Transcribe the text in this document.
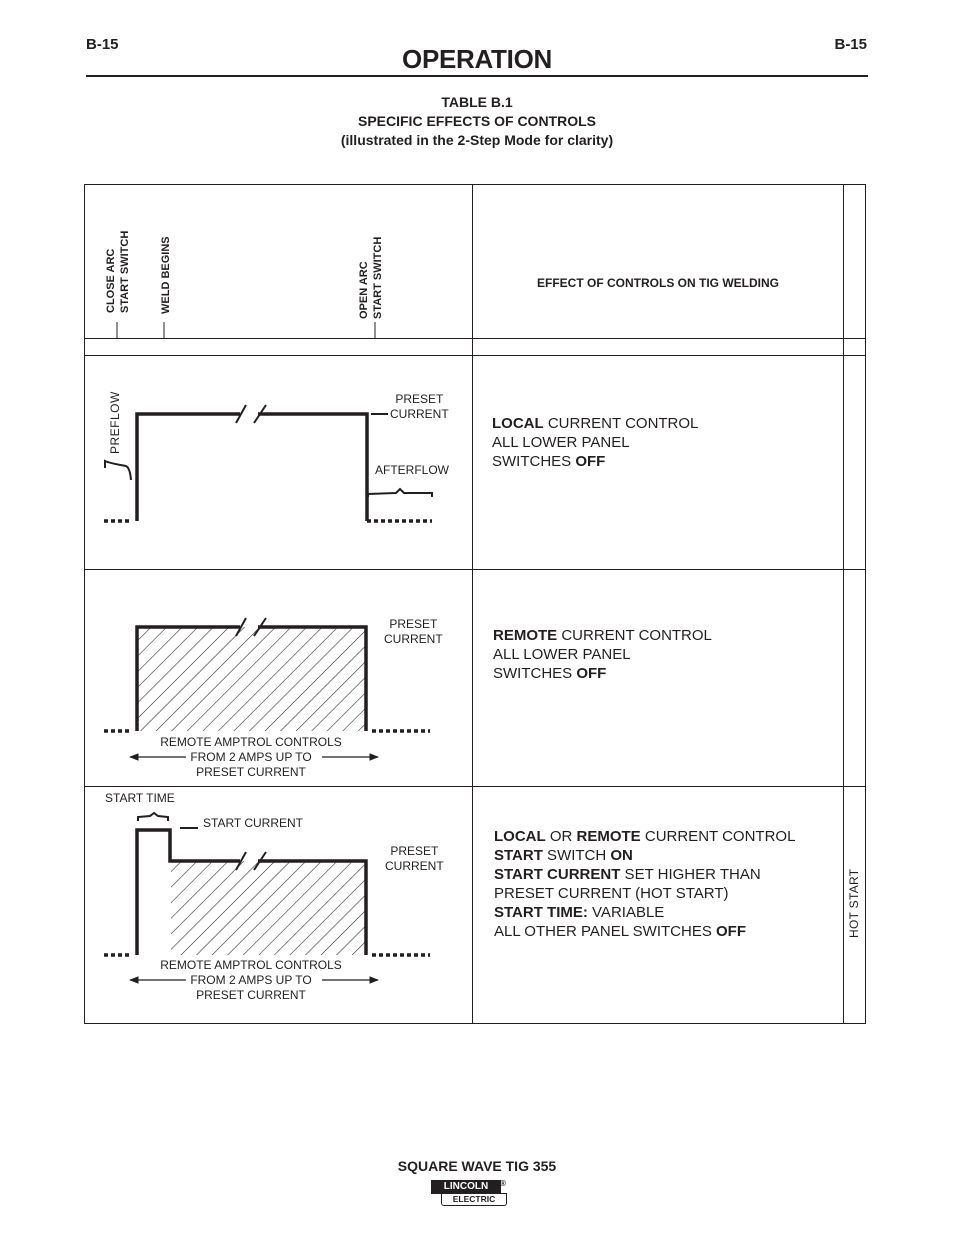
B-15	B-15
OPERATION
TABLE B.1
SPECIFIC EFFECTS OF CONTROLS
(illustrated in the 2-Step Mode for clarity)
CLOSE ARC START SWITCH	WELD BEGINS	OPEN ARC START SWITCH	EFFECT OF CONTROLS ON TIG WELDING
PREFLOW	PRESET
CURRENT
AFTERFLOW
LOCAL CURRENT CONTROL
ALL LOWER PANEL
SWITCHES OFF
PRESET
CURRENT
REMOTE AMPTROL CONTROLS
FROM 2 AMPS UP TO
PRESET CURRENT
REMOTE CURRENT CONTROL
ALL LOWER PANEL
SWITCHES OFF
START TIME
START CURRENT
PRESET
CURRENT
REMOTE AMPTROL CONTROLS
FROM 2 AMPS UP TO
PRESET CURRENT
LOCAL OR REMOTE CURRENT CONTROL
START SWITCH ON
START CURRENT SET HIGHER THAN
PRESET CURRENT (HOT START)
START TIME: VARIABLE
ALL OTHER PANEL SWITCHES OFF	HOT START
SQUARE WAVE TIG 355
LINCOLN	®
ELECTRIC
